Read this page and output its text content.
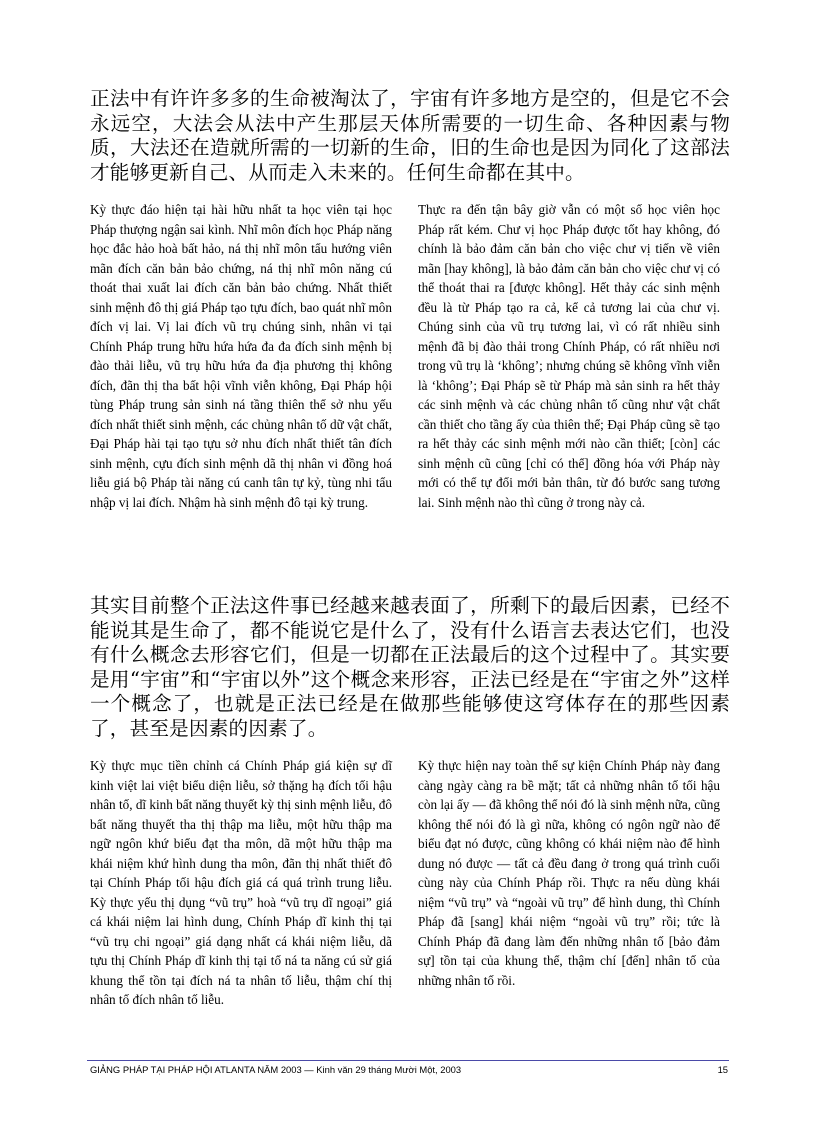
正法中有许许多多的生命被淘汰了，宇宙有许多地方是空的，但是它不会永远空，大法会从法中产生那层天体所需要的一切生命、各种因素与物质，大法还在造就所需的一切新的生命，旧的生命也是因为同化了这部法才能够更新自己、从而走入未来的。任何生命都在其中。

Kỳ thực đáo hiện tại hài hữu nhất ta học viên tại học Pháp thượng ngận sai kình. Nhĩ môn đích học Pháp năng học đắc hảo hoà bất hảo, ná thị nhĩ môn tẩu hướng viên mãn đích căn bản bảo chứng, ná thị nhĩ môn năng cú thoát thai xuất lai đích căn bản bảo chứng. Nhất thiết sinh mệnh đô thị giá Pháp tạo tựu đích, bao quát nhĩ môn đích vị lai. Vị lai đích vũ trụ chúng sinh, nhân vi tại Chính Pháp trung hữu hứa hứa đa đa đích sinh mệnh bị đào thải liễu, vũ trụ hữu hứa đa địa phương thị không đích, đãn thị tha bất hội vĩnh viễn không, Đại Pháp hội tùng Pháp trung sản sinh ná tầng thiên thể sở nhu yếu đích nhất thiết sinh mệnh, các chủng nhân tố dữ vật chất, Đại Pháp hài tại tạo tựu sở nhu đích nhất thiết tân đích sinh mệnh, cựu đích sinh mệnh dã thị nhân vi đồng hoá liễu giá bộ Pháp tài năng cú canh tân tự kỷ, tùng nhi tẩu nhập vị lai đích. Nhậm hà sinh mệnh đô tại kỳ trung.

Thực ra đến tận bây giờ vẫn có một số học viên học Pháp rất kém. Chư vị học Pháp được tốt hay không, đó chính là bảo đảm căn bản cho việc chư vị tiến về viên mãn [hay không], là bảo đảm căn bản cho việc chư vị có thể thoát thai ra [được không]. Hết thảy các sinh mệnh đều là từ Pháp tạo ra cả, kể cả tương lai của chư vị. Chúng sinh của vũ trụ tương lai, vì có rất nhiều sinh mệnh đã bị đào thải trong Chính Pháp, có rất nhiều nơi trong vũ trụ là ‘không’; nhưng chúng sẽ không vĩnh viễn là ‘không’; Đại Pháp sẽ từ Pháp mà sản sinh ra hết thảy các sinh mệnh và các chủng nhân tố cũng như vật chất cần thiết cho tầng ấy của thiên thể; Đại Pháp cũng sẽ tạo ra hết thảy các sinh mệnh mới nào cần thiết; [còn] các sinh mệnh cũ cũng [chỉ có thể] đồng hóa với Pháp này mới có thể tự đổi mới bản thân, từ đó bước sang tương lai. Sinh mệnh nào thì cũng ở trong này cả.

其实目前整个正法这件事已经越来越表面了，所剩下的最后因素，已经不能说其是生命了，都不能说它是什么了，没有什么语言去表达它们，也没有什么概念去形容它们，但是一切都在正法最后的这个过程中了。其实要是用“宇宙”和“宇宙以外”这个概念来形容，正法已经是在“宇宙之外”这样一个概念了，也就是正法已经是在做那些能够使这穹体存在的那些因素了，甚至是因素的因素了。

Kỳ thực mục tiền chỉnh cá Chính Pháp giá kiện sự dĩ kinh việt lai việt biểu diện liễu, sở thặng hạ đích tối hậu nhân tố, dĩ kinh bất năng thuyết kỳ thị sinh mệnh liễu, đô bất năng thuyết tha thị thập ma liễu, một hữu thập ma ngữ ngôn khứ biểu đạt tha môn, dã một hữu thập ma khái niệm khứ hình dung tha môn, đãn thị nhất thiết đô tại Chính Pháp tối hậu đích giá cá quá trình trung liễu. Kỳ thực yếu thị dụng “vũ trụ” hoà “vũ trụ dĩ ngoại” giá cá khái niệm lai hình dung, Chính Pháp dĩ kinh thị tại “vũ trụ chi ngoại” giá dạng nhất cá khái niệm liễu, dã tựu thị Chính Pháp dĩ kinh thị tại tố ná ta năng cú sử giá khung thể tồn tại đích ná ta nhân tố liễu, thậm chí thị nhân tố đích nhân tố liễu.

Kỳ thực hiện nay toàn thể sự kiện Chính Pháp này đang càng ngày càng ra bề mặt; tất cả những nhân tố tối hậu còn lại ấy — đã không thể nói đó là sinh mệnh nữa, cũng không thể nói đó là gì nữa, không có ngôn ngữ nào để biểu đạt nó được, cũng không có khái niệm nào để hình dung nó được — tất cả đều đang ở trong quá trình cuối cùng này của Chính Pháp rồi. Thực ra nếu dùng khái niệm “vũ trụ” và “ngoài vũ trụ” để hình dung, thì Chính Pháp đã [sang] khái niệm “ngoài vũ trụ” rồi; tức là Chính Pháp đã đang làm đến những nhân tố [bảo đảm sự] tồn tại của khung thể, thậm chí [đến] nhân tố của những nhân tố rồi.

GIẢNG PHÁP TẠI PHÁP HỘI ATLANTA NĂM 2003 — Kinh văn 29 tháng Mười Một, 2003	15
